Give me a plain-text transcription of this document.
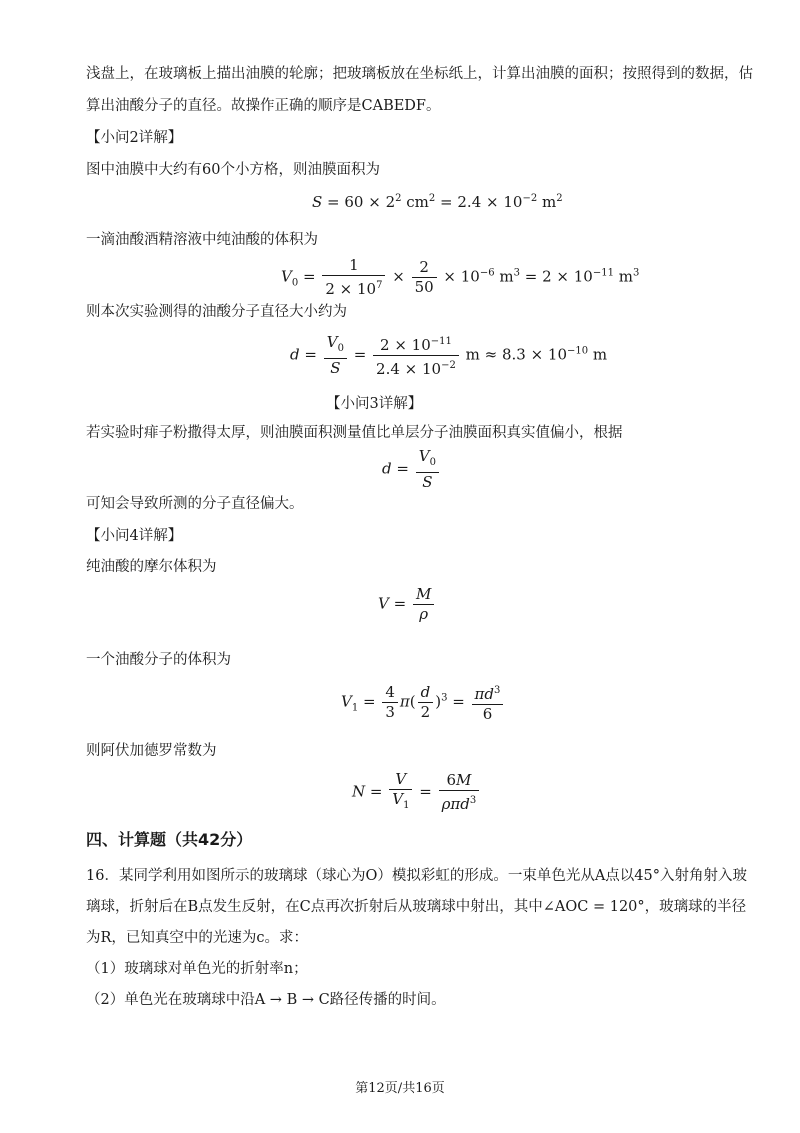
浅盘上，在玻璃板上描出油膜的轮廓；把玻璃板放在坐标纸上，计算出油膜的面积；按照得到的数据，估
算出油酸分子的直径。故操作正确的顺序是CABEDF。
【小问2详解】
图中油膜中大约有60个小方格，则油膜面积为
$S = 60 \times 2^2$ $cm^2 = 2.4 \times 10^{-2}$ $m^2$
一滴油酸酒精溶液中纯油酸的体积为
$V_0 = \frac{1}{2 \times 10^7} \times \frac{2}{50} \times 10^{-6}$ $m^3 = 2 \times 10^{-11}$ $m^3$
则本次实验测得的油酸分子直径大小约为
$d = \frac{V_0}{S} = \frac{2 \times 10^{-11}}{2.4 \times 10^{-2}}$ $m \approx 8.3 \times 10^{-10}$ m
【小问3详解】
若实验时痱子粉撒得太厚，则油膜面积测量值比单层分子油膜面积真实值偏小，根据
$d = \frac{V_0}{S}$
可知会导致所测的分子直径偏大。
【小问4详解】
纯油酸的摩尔体积为
$V = \frac{M}{\rho}$
一个油酸分子的体积为
$V_1 = \frac{4}{3} \pi( \frac{d}{2} )^3 = \frac{\pi d^3}{6}$
则阿伏加德罗常数为
$N = \frac{V}{V_1} = \frac{6M}{\rho\pi d^3}$
四、计算题（共42分）
16．某同学利用如图所示的玻璃球（球心为O）模拟彩虹的形成。一束单色光从A点以45°入射角射入玻
璃球，折射后在B点发生反射，在C点再次折射后从玻璃球中射出，其中∠AOC = 120°，玻璃球的半径
为R，已知真空中的光速为c。求：
（1）玻璃球对单色光的折射率n；
（2）单色光在玻璃球中沿A → B → C路径传播的时间。
第12页/共16页
